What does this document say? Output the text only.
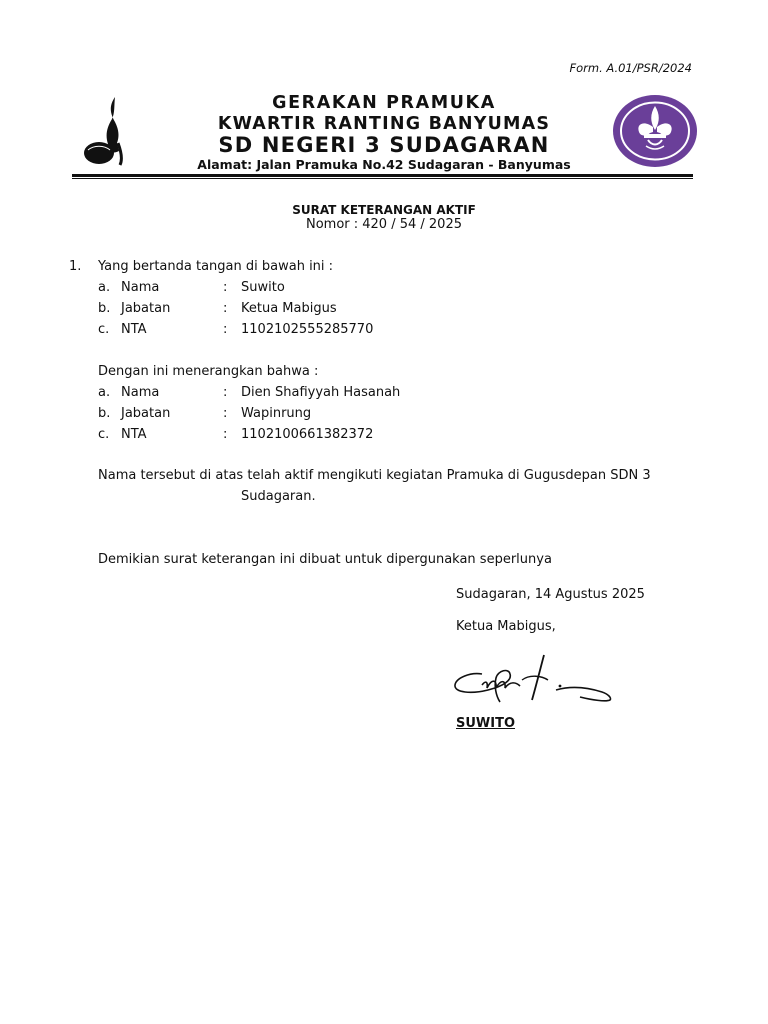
Form. A.01/PSR/2024
GERAKAN PRAMUKA
KWARTIR RANTING BANYUMAS
SD NEGERI 3 SUDAGARAN
Alamat: Jalan Pramuka No.42 Sudagaran - Banyumas
SURAT KETERANGAN AKTIF
Nomor : 420 / 54 / 2025
1. Yang bertanda tangan di bawah ini :
a. Nama	: Suwito
b. Jabatan	: Ketua Mabigus
c. NTA	: 1102102555285770
Dengan ini menerangkan bahwa :
a. Nama	: Dien Shafiyyah Hasanah
b. Jabatan	: Wapinrung
c. NTA	: 1102100661382372
Nama tersebut di atas telah aktif mengikuti kegiatan Pramuka di Gugusdepan SDN 3
Sudagaran.
Demikian surat keterangan ini dibuat untuk dipergunakan seperlunya
Sudagaran, 14 Agustus 2025
Ketua Mabigus,
SUWITO
